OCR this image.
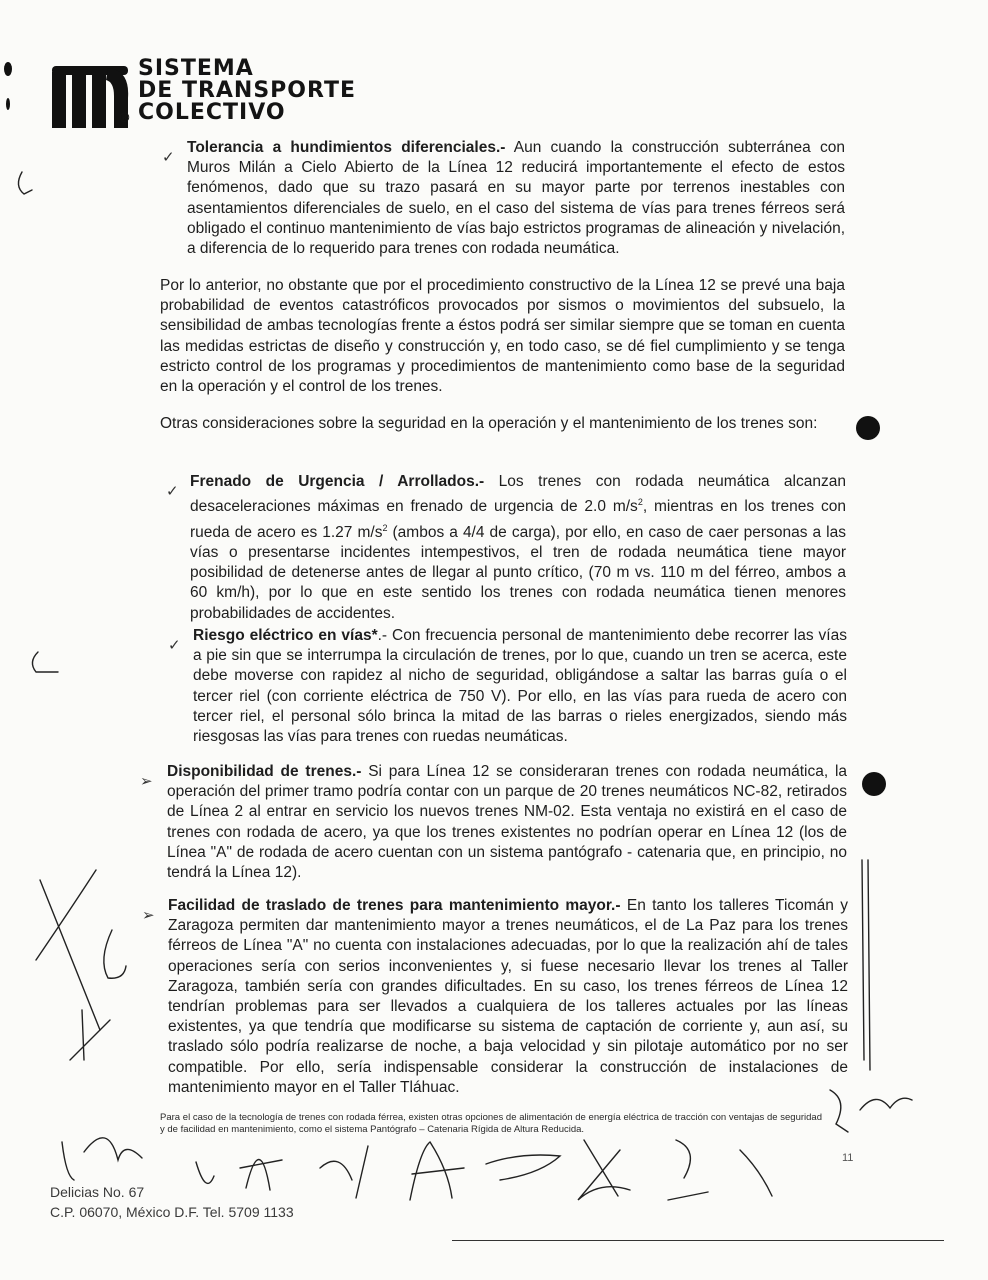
SISTEMA
DE TRANSPORTE
COLECTIVO
®
✓
Tolerancia a hundimientos diferenciales.- Aun cuando la construcción subterránea con Muros Milán a Cielo Abierto de la Línea 12 reducirá importantemente el efecto de estos fenómenos, dado que su trazo pasará en su mayor parte por terrenos inestables con asentamientos diferenciales de suelo, en el caso del sistema de vías para trenes férreos será obligado el continuo mantenimiento de vías bajo estrictos programas de alineación y nivelación, a diferencia de lo requerido para trenes con rodada neumática.
Por lo anterior, no obstante que por el procedimiento constructivo de la Línea 12 se prevé una baja probabilidad de eventos catastróficos provocados por sismos o movimientos del subsuelo, la sensibilidad de ambas tecnologías frente a éstos podrá ser similar siempre que se toman en cuenta las medidas estrictas de diseño y construcción y, en todo caso, se dé fiel cumplimiento y se tenga estricto control de los programas y procedimientos de mantenimiento como base de la seguridad en la operación y el control de los trenes.
Otras consideraciones sobre la seguridad en la operación y el mantenimiento de los trenes son:
✓
Frenado de Urgencia / Arrollados.- Los trenes con rodada neumática alcanzan desaceleraciones máximas en frenado de urgencia de 2.0 $m/s^2$, mientras en los trenes con rueda de acero es 1.27 $m/s^2$ (ambos a 4/4 de carga), por ello, en caso de caer personas a las vías o presentarse incidentes intempestivos, el tren de rodada neumática tiene mayor posibilidad de detenerse antes de llegar al punto crítico, (70 m vs. 110 m del férreo, ambos a 60 km/h), por lo que en este sentido los trenes con rodada neumática tienen menores probabilidades de accidentes.
✓
Riesgo eléctrico en vías*.- Con frecuencia personal de mantenimiento debe recorrer las vías a pie sin que se interrumpa la circulación de trenes, por lo que, cuando un tren se acerca, este debe moverse con rapidez al nicho de seguridad, obligándose a saltar las barras guía o el tercer riel (con corriente eléctrica de 750 V). Por ello, en las vías para rueda de acero con tercer riel, el personal sólo brinca la mitad de las barras o rieles energizados, siendo más riesgosas las vías para trenes con ruedas neumáticas.
➢
Disponibilidad de trenes.- Si para Línea 12 se consideraran trenes con rodada neumática, la operación del primer tramo podría contar con un parque de 20 trenes neumáticos NC-82, retirados de Línea 2 al entrar en servicio los nuevos trenes NM-02. Esta ventaja no existirá en el caso de trenes con rodada de acero, ya que los trenes existentes no podrían operar en Línea 12 (los de Línea "A" de rodada de acero cuentan con un sistema pantógrafo - catenaria que, en principio, no tendrá la Línea 12).
➢
Facilidad de traslado de trenes para mantenimiento mayor.- En tanto los talleres Ticomán y Zaragoza permiten dar mantenimiento mayor a trenes neumáticos, el de La Paz para los trenes férreos de Línea "A" no cuenta con instalaciones adecuadas, por lo que la realización ahí de tales operaciones sería con serios inconvenientes y, si fuese necesario llevar los trenes al Taller Zaragoza, también sería con grandes dificultades. En su caso, los trenes férreos de Línea 12 tendrían problemas para ser llevados a cualquiera de los talleres actuales por las líneas existentes, ya que tendría que modificarse su sistema de captación de corriente y, aun así, su traslado sólo podría realizarse de noche, a baja velocidad y sin pilotaje automático por no ser compatible. Por ello, sería indispensable considerar la construcción de instalaciones de mantenimiento mayor en el Taller Tláhuac.
Para el caso de la tecnología de trenes con rodada férrea, existen otras opciones de alimentación de energía eléctrica de tracción con ventajas de seguridad y de facilidad en mantenimiento, como el sistema Pantógrafo – Catenaria Rígida de Altura Reducida.
11
Delicias No. 67
C.P. 06070, México D.F. Tel. 5709 1133
